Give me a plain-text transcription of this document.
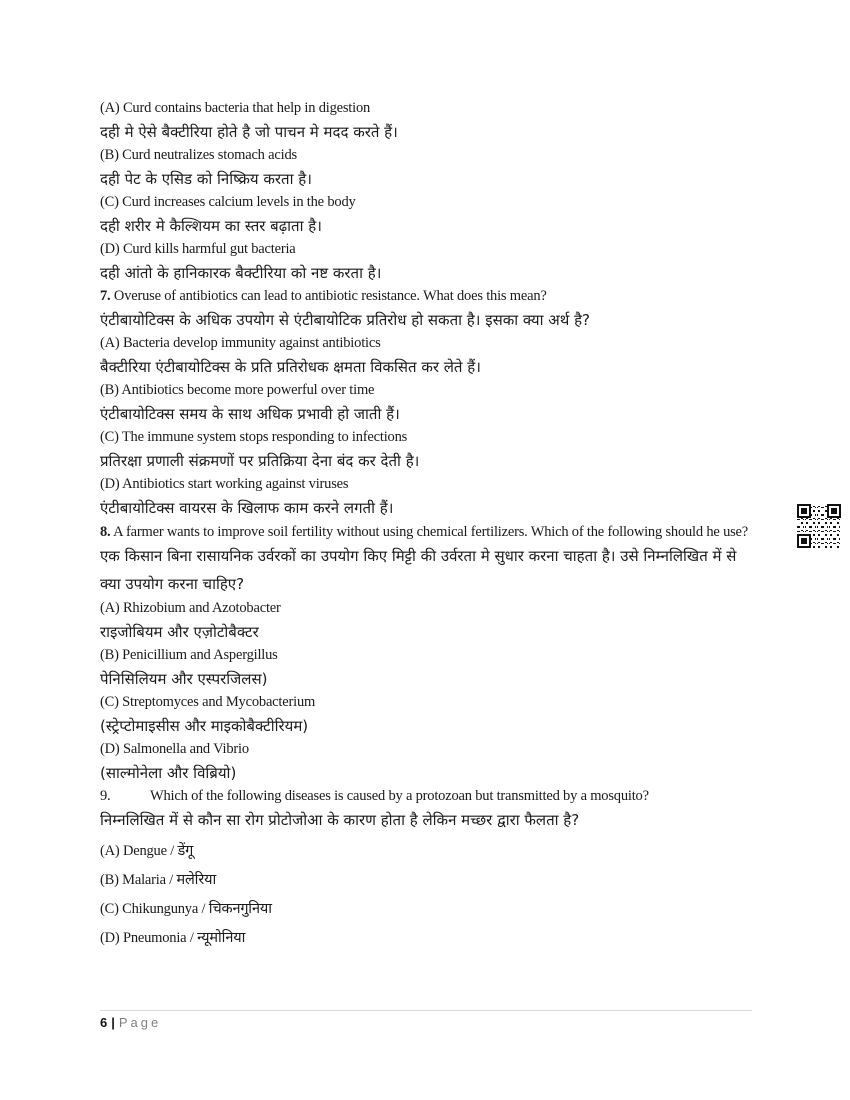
(A) Curd contains bacteria that help in digestion
दही मे ऐसे बैक्टीरिया होते है जो पाचन मे मदद करते हैं।
(B) Curd neutralizes stomach acids
दही पेट के एसिड को निष्क्रिय करता है।
(C) Curd increases calcium levels in the body
दही शरीर मे कैल्शियम का स्तर बढ़ाता है।
(D) Curd kills harmful gut bacteria
दही आंतो के हानिकारक बैक्टीरिया को नष्ट करता है।
7. Overuse of antibiotics can lead to antibiotic resistance. What does this mean?
एंटीबायोटिक्स के अधिक उपयोग से एंटीबायोटिक प्रतिरोध हो सकता है। इसका क्या अर्थ है?
(A) Bacteria develop immunity against antibiotics
बैक्टीरिया एंटीबायोटिक्स के प्रति प्रतिरोधक क्षमता विकसित कर लेते हैं।
(B) Antibiotics become more powerful over time
एंटीबायोटिक्स समय के साथ अधिक प्रभावी हो जाती हैं।
(C) The immune system stops responding to infections
प्रतिरक्षा प्रणाली संक्रमणों पर प्रतिक्रिया देना बंद कर देती है।
(D) Antibiotics start working against viruses
एंटीबायोटिक्स वायरस के खिलाफ काम करने लगती हैं।
8. A farmer wants to improve soil fertility without using chemical fertilizers. Which of the following should he use?
एक किसान बिना रासायनिक उर्वरकों का उपयोग किए मिट्टी की उर्वरता मे सुधार करना चाहता है। उसे निम्नलिखित में से क्या उपयोग करना चाहिए?
(A) Rhizobium and Azotobacter
राइजोबियम और एज़ोटोबैक्टर
(B) Penicillium and Aspergillus
पेनिसिलियम और एस्परजिलस)
(C) Streptomyces and Mycobacterium
(स्ट्रेप्टोमाइसीस और माइकोबैक्टीरियम)
(D) Salmonella and Vibrio
(साल्मोनेला और विब्रियो)
9.	Which of the following diseases is caused by a protozoan but transmitted by a mosquito?
निम्नलिखित में से कौन सा रोग प्रोटोजोआ के कारण होता है लेकिन मच्छर द्वारा फैलता है?
(A) Dengue / डेंगू
(B) Malaria / मलेरिया
(C) Chikungunya / चिकनगुनिया
(D) Pneumonia / न्यूमोनिया
6 | Page
